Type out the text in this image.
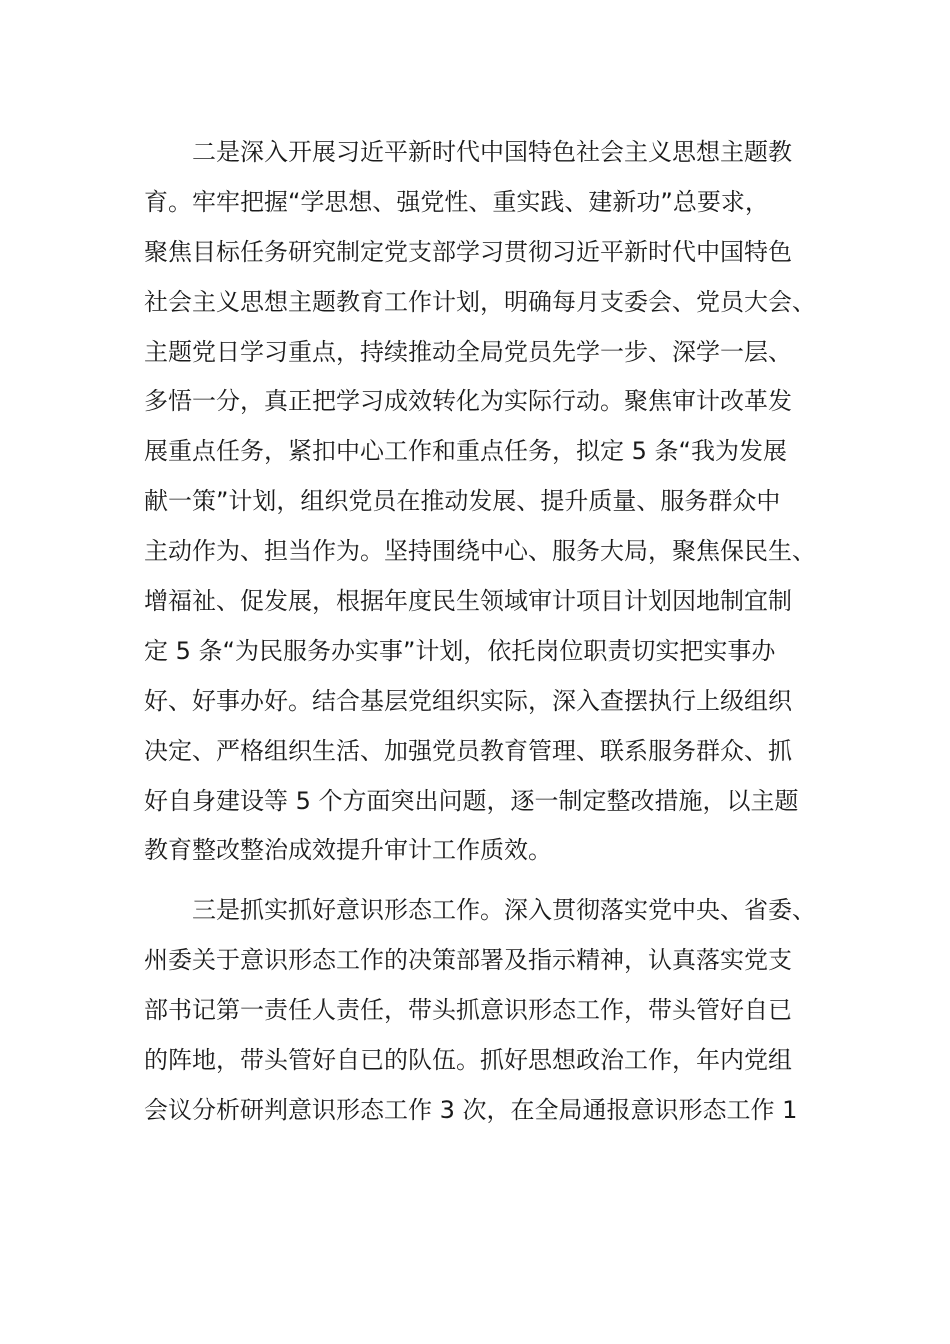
　　二是深入开展习近平新时代中国特色社会主义思想主题教
育。牢牢把握“学思想、强党性、重实践、建新功”总要求，
聚焦目标任务研究制定党支部学习贯彻习近平新时代中国特色
社会主义思想主题教育工作计划，明确每月支委会、党员大会、
主题党日学习重点，持续推动全局党员先学一步、深学一层、
多悟一分，真正把学习成效转化为实际行动。聚焦审计改革发
展重点任务，紧扣中心工作和重点任务，拟定 5 条“我为发展
献一策”计划，组织党员在推动发展、提升质量、服务群众中
主动作为、担当作为。坚持围绕中心、服务大局，聚焦保民生、
增福祉、促发展，根据年度民生领域审计项目计划因地制宜制
定 5 条“为民服务办实事”计划，依托岗位职责切实把实事办
好、好事办好。结合基层党组织实际，深入查摆执行上级组织
决定、严格组织生活、加强党员教育管理、联系服务群众、抓
好自身建设等 5 个方面突出问题，逐一制定整改措施，以主题
教育整改整治成效提升审计工作质效。
　　三是抓实抓好意识形态工作。深入贯彻落实党中央、省委、
州委关于意识形态工作的决策部署及指示精神，认真落实党支
部书记第一责任人责任，带头抓意识形态工作，带头管好自已
的阵地，带头管好自已的队伍。抓好思想政治工作，年内党组
会议分析研判意识形态工作 3 次，在全局通报意识形态工作 1
